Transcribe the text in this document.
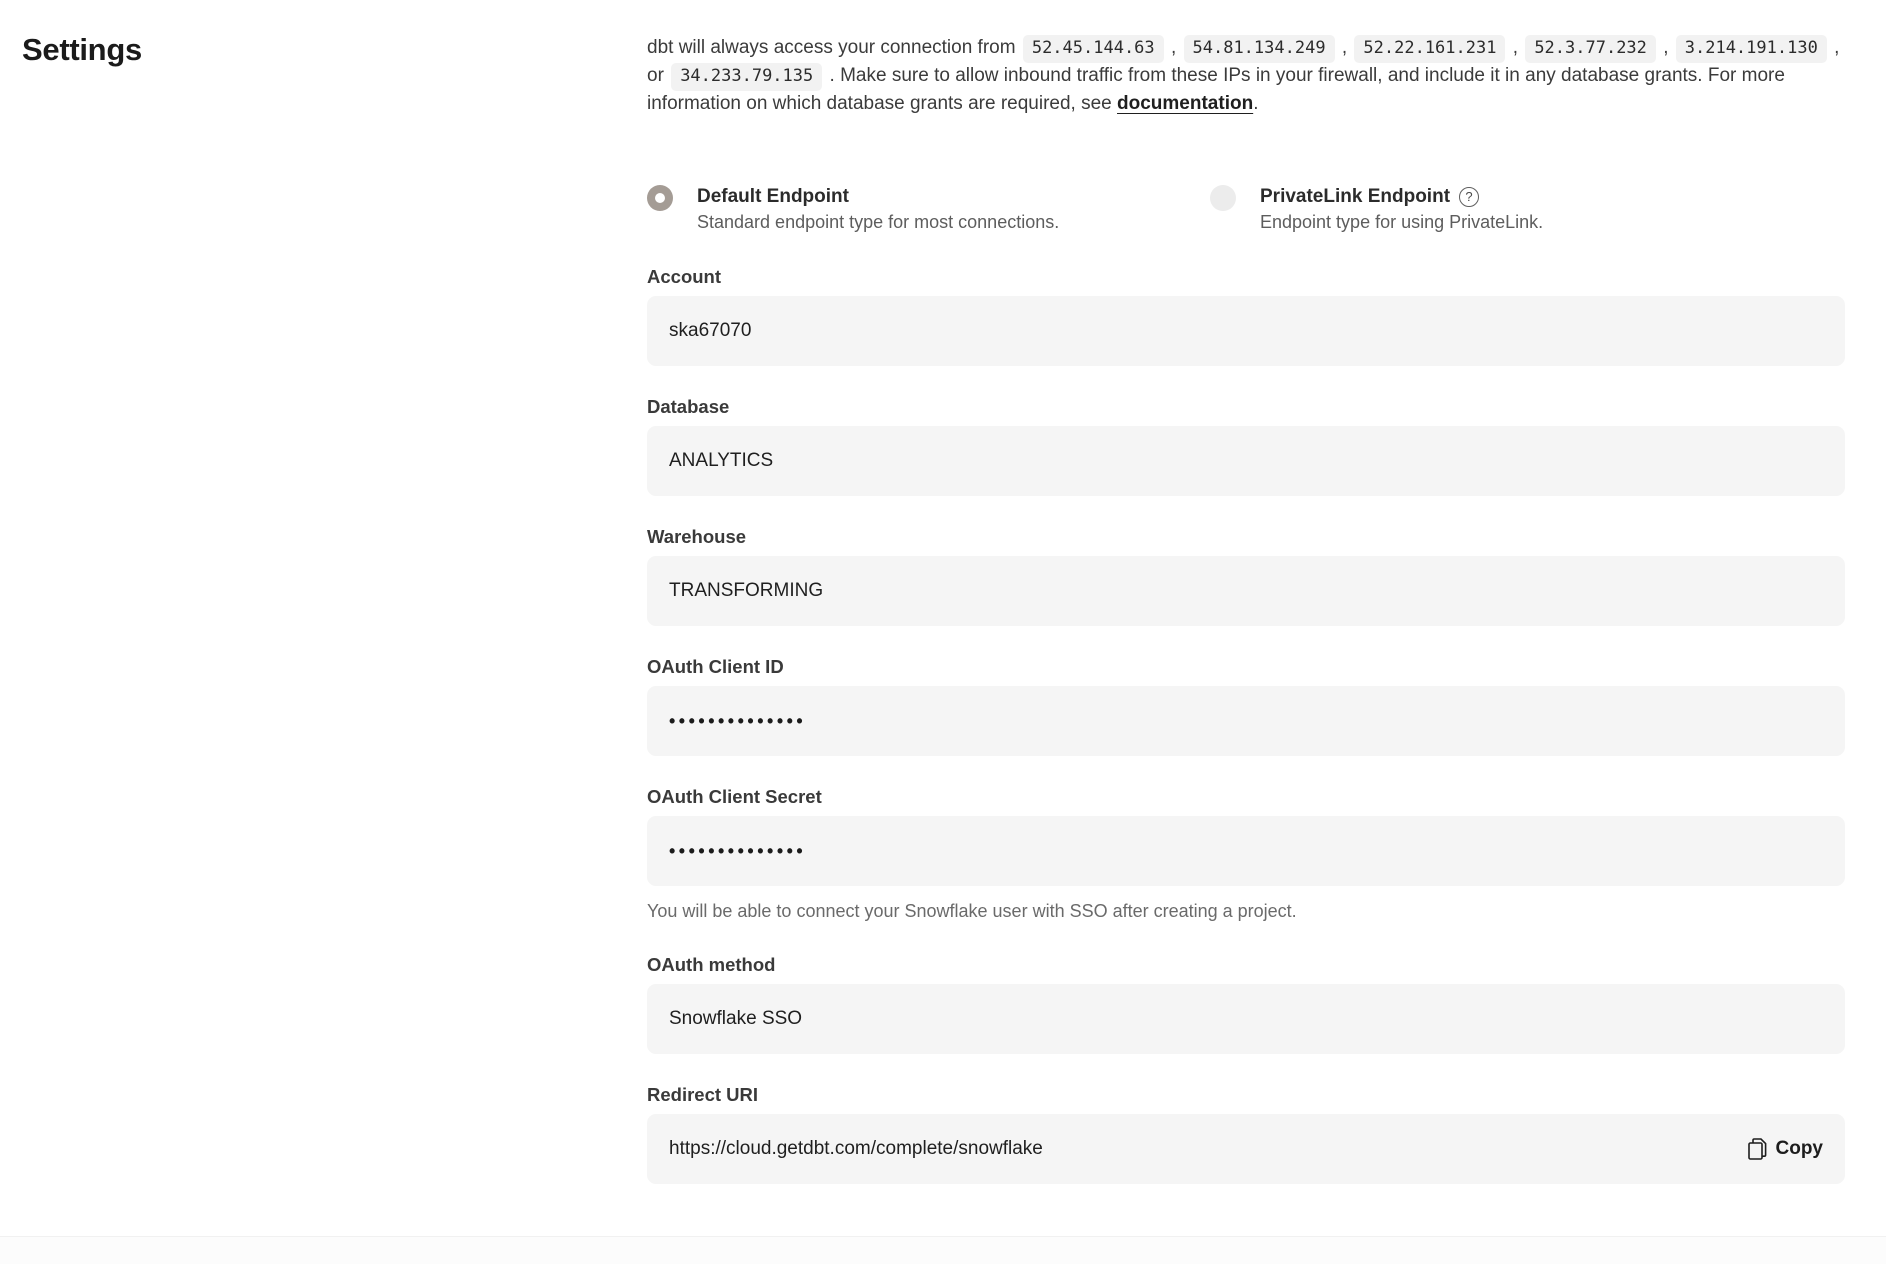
Settings	dbt will always access your connection from 52.45.144.63 , 54.81.134.249 , 52.22.161.231 , 52.3.77.232 , 3.214.191.130 , or 34.233.79.135 . Make sure to allow inbound traffic from these IPs in your firewall, and include it in any database grants. For more information on which database grants are required, see documentation.

Default Endpoint
Standard endpoint type for most connections.
PrivateLink Endpoint	?
Endpoint type for using PrivateLink.
Account
ska67070
Database
ANALYTICS
Warehouse
TRANSFORMING
OAuth Client ID
••••••••••••••
OAuth Client Secret
••••••••••••••

You will be able to connect your Snowflake user with SSO after creating a project.

OAuth method
Snowflake SSO
Redirect URI
https://cloud.getdbt.com/complete/snowflake	Copy
